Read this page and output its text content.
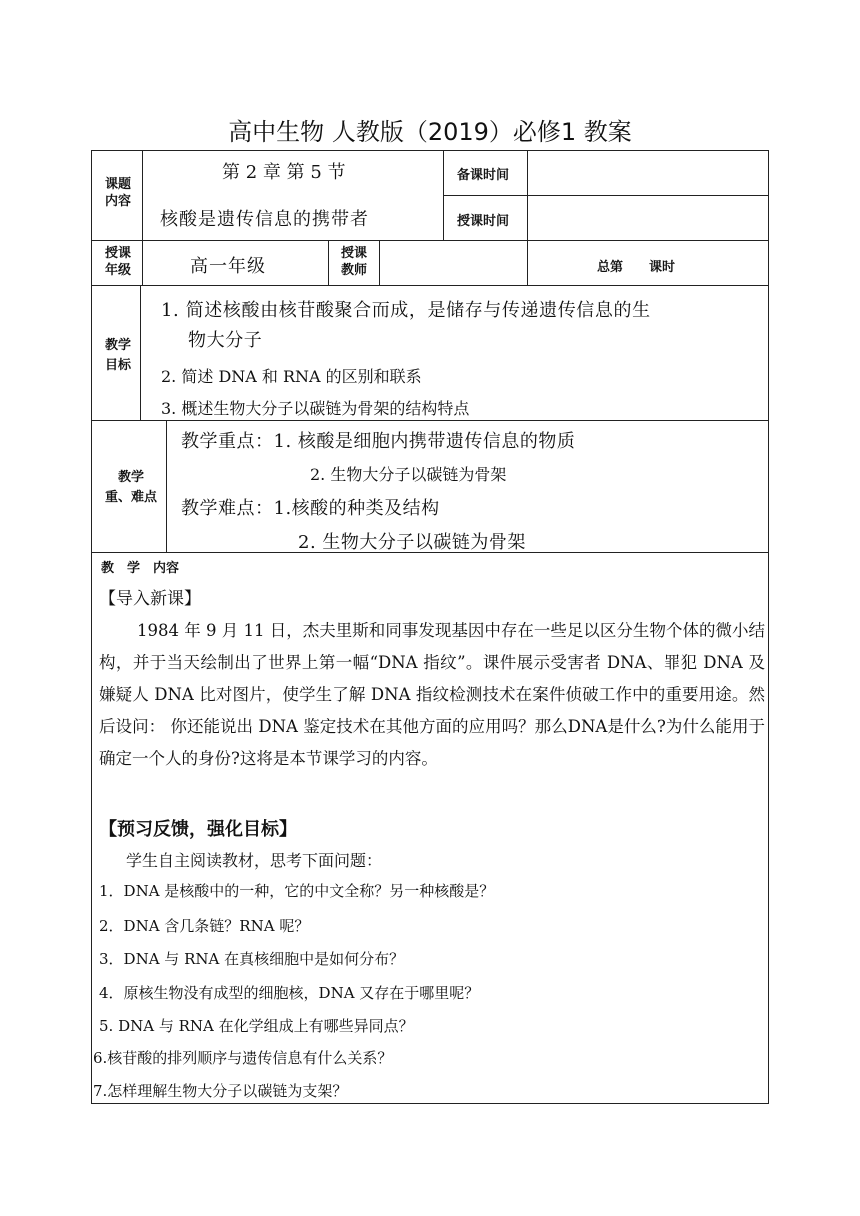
高中生物 人教版（2019）必修1 教案
课题
内容
第 2 章 第 5 节
核酸是遗传信息的携带者
备课时间
授课时间
授课
年级	高一年级
授课
教师	总第　　课时
教学
目标
1. 简述核酸由核苷酸聚合而成，是储存与传递遗传信息的生
物大分子
2. 简述 DNA 和 RNA 的区别和联系
3. 概述生物大分子以碳链为骨架的结构特点
教学
重、难点
教学重点：1. 核酸是细胞内携带遗传信息的物质
2. 生物大分子以碳链为骨架
教学难点：1.核酸的种类及结构
2. 生物大分子以碳链为骨架
教　学　内容
【导入新课】
1984 年 9 月 11 日，杰夫里斯和同事发现基因中存在一些足以区分生物个体的微小结构，并于当天绘制出了世界上第一幅“DNA 指纹”。课件展示受害者 DNA、罪犯 DNA 及嫌疑人 DNA 比对图片，使学生了解 DNA 指纹检测技术在案件侦破工作中的重要用途。然后设问： 你还能说出 DNA 鉴定技术在其他方面的应用吗？那么DNA是什么?为什么能用于确定一个人的身份?这将是本节课学习的内容。
【预习反馈，强化目标】
学生自主阅读教材，思考下面问题：
1．DNA 是核酸中的一种，它的中文全称？另一种核酸是？
2．DNA 含几条链？RNA 呢？
3．DNA 与 RNA 在真核细胞中是如何分布？
4．原核生物没有成型的细胞核，DNA 又存在于哪里呢？
5. DNA 与 RNA 在化学组成上有哪些异同点？
6.核苷酸的排列顺序与遗传信息有什么关系？
7.怎样理解生物大分子以碳链为支架？
